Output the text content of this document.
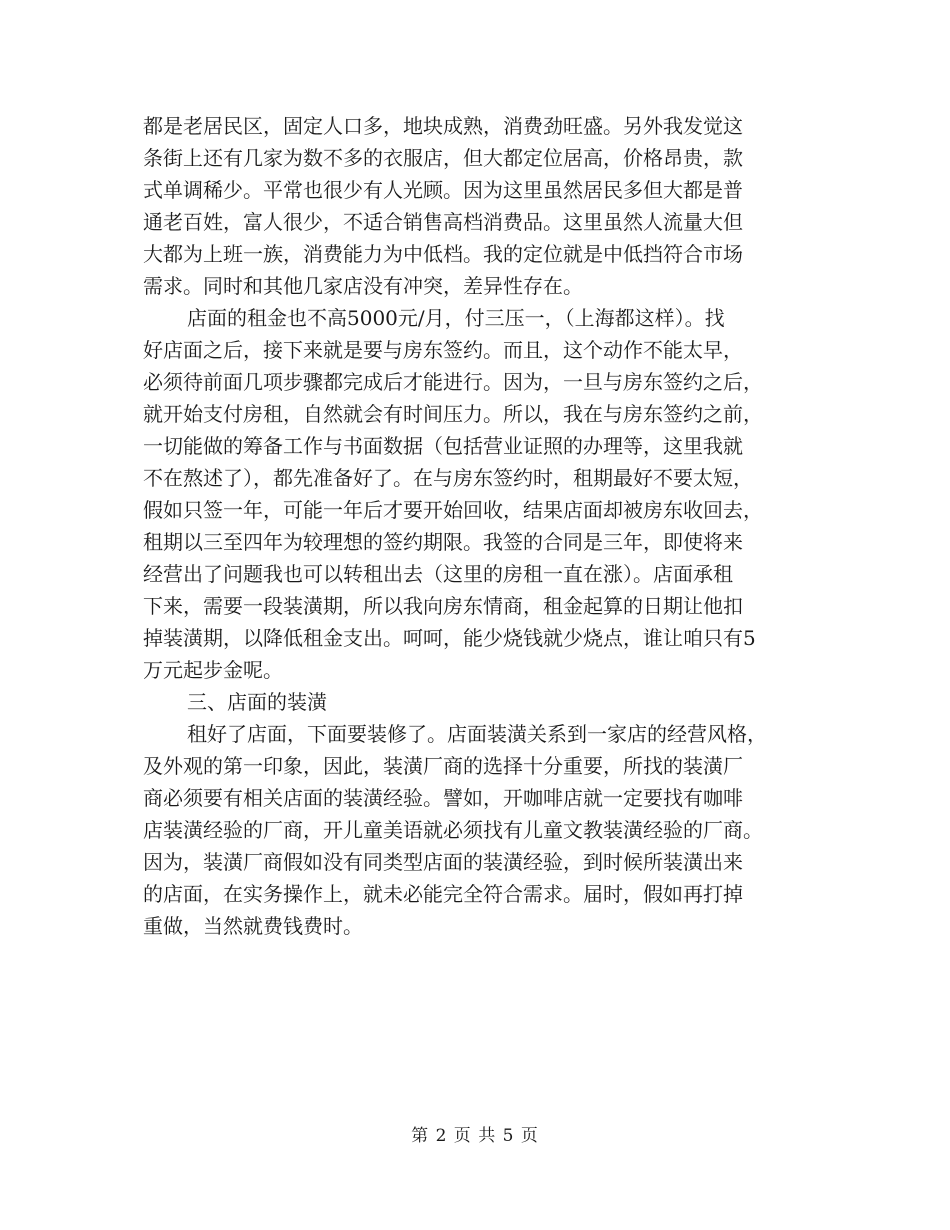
都是老居民区，固定人口多，地块成熟，消费劲旺盛。另外我发觉这

条街上还有几家为数不多的衣服店，但大都定位居高，价格昂贵，款

式单调稀少。平常也很少有人光顾。因为这里虽然居民多但大都是普

通老百姓，富人很少，不适合销售高档消费品。这里虽然人流量大但

大都为上班一族，消费能力为中低档。我的定位就是中低挡符合市场

需求。同时和其他几家店没有冲突，差异性存在。

店面的租金也不高5000元/月，付三压一，（上海都这样）。找

好店面之后，接下来就是要与房东签约。而且，这个动作不能太早，

必须待前面几项步骤都完成后才能进行。因为，一旦与房东签约之后，

就开始支付房租，自然就会有时间压力。所以，我在与房东签约之前，

一切能做的筹备工作与书面数据（包括营业证照的办理等，这里我就

不在熬述了），都先准备好了。在与房东签约时，租期最好不要太短，

假如只签一年，可能一年后才要开始回收，结果店面却被房东收回去，

租期以三至四年为较理想的签约期限。我签的合同是三年，即使将来

经营出了问题我也可以转租出去（这里的房租一直在涨）。店面承租

下来，需要一段装潢期，所以我向房东情商，租金起算的日期让他扣

掉装潢期，以降低租金支出。呵呵，能少烧钱就少烧点，谁让咱只有5

万元起步金呢。

三、店面的装潢

租好了店面，下面要装修了。店面装潢关系到一家店的经营风格，

及外观的第一印象，因此，装潢厂商的选择十分重要，所找的装潢厂

商必须要有相关店面的装潢经验。譬如，开咖啡店就一定要找有咖啡

店装潢经验的厂商，开儿童美语就必须找有儿童文教装潢经验的厂商。

因为，装潢厂商假如没有同类型店面的装潢经验，到时候所装潢出来

的店面，在实务操作上，就未必能完全符合需求。届时，假如再打掉

重做，当然就费钱费时。

第 2 页 共 5 页
